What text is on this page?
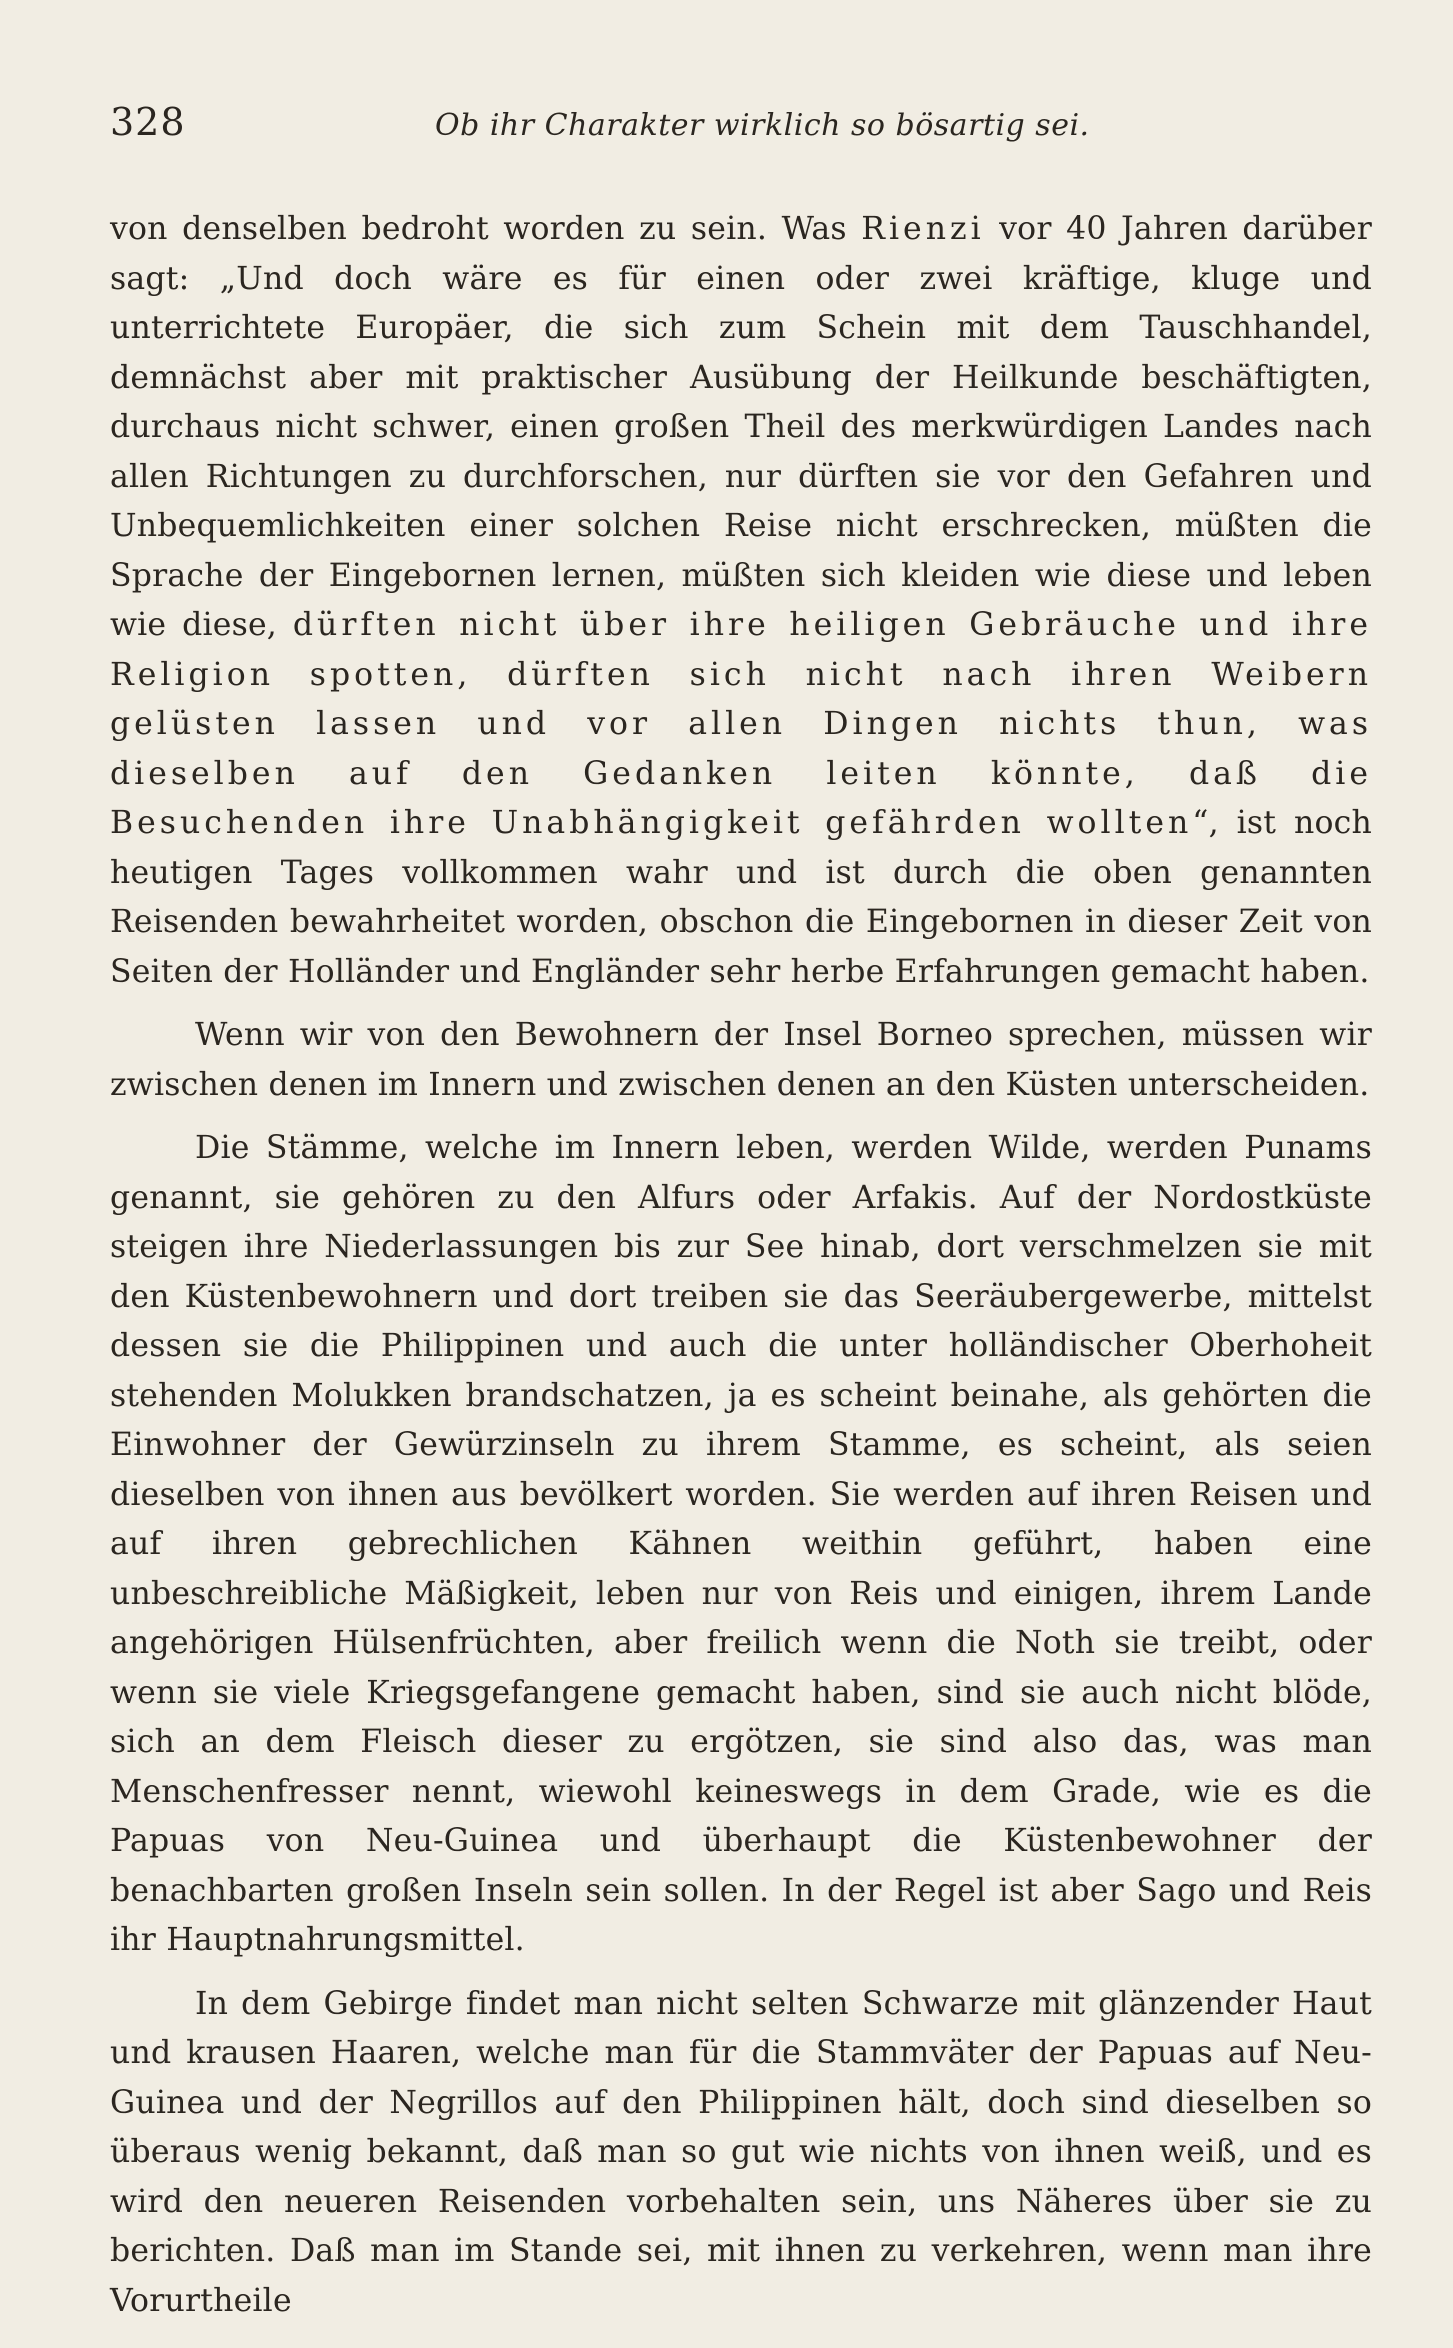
328	Ob ihr Charakter wirklich so bösartig sei.

von denselben bedroht worden zu sein. Was Rienzi vor 40 Jahren darüber sagt: „Und doch wäre es für einen oder zwei kräftige, kluge und unterrichtete Europäer, die sich zum Schein mit dem Tauschhandel, demnächst aber mit praktischer Ausübung der Heilkunde beschäftigten, durchaus nicht schwer, einen großen Theil des merkwürdigen Landes nach allen Richtungen zu durchforschen, nur dürften sie vor den Gefahren und Unbequemlichkeiten einer solchen Reise nicht erschrecken, müßten die Sprache der Eingebornen lernen, müßten sich kleiden wie diese und leben wie diese, dürften nicht über ihre heiligen Gebräuche und ihre Religion spotten, dürften sich nicht nach ihren Weibern gelüsten lassen und vor allen Dingen nichts thun, was dieselben auf den Gedanken leiten könnte, daß die Besuchenden ihre Unabhängigkeit gefährden wollten“, ist noch heutigen Tages vollkommen wahr und ist durch die oben genannten Reisenden bewahrheitet worden, obschon die Eingebornen in dieser Zeit von Seiten der Holländer und Engländer sehr herbe Erfahrungen gemacht haben.

Wenn wir von den Bewohnern der Insel Borneo sprechen, müssen wir zwischen denen im Innern und zwischen denen an den Küsten unterscheiden.

Die Stämme, welche im Innern leben, werden Wilde, werden Punams genannt, sie gehören zu den Alfurs oder Arfakis. Auf der Nordostküste steigen ihre Niederlassungen bis zur See hinab, dort verschmelzen sie mit den Küstenbewohnern und dort treiben sie das Seeräubergewerbe, mittelst dessen sie die Philippinen und auch die unter holländischer Oberhoheit stehenden Molukken brandschatzen, ja es scheint beinahe, als gehörten die Einwohner der Gewürzinseln zu ihrem Stamme, es scheint, als seien dieselben von ihnen aus bevölkert worden. Sie werden auf ihren Reisen und auf ihren gebrechlichen Kähnen weithin geführt, haben eine unbeschreibliche Mäßigkeit, leben nur von Reis und einigen, ihrem Lande angehörigen Hülsenfrüchten, aber freilich wenn die Noth sie treibt, oder wenn sie viele Kriegsgefangene gemacht haben, sind sie auch nicht blöde, sich an dem Fleisch dieser zu ergötzen, sie sind also das, was man Menschenfresser nennt, wiewohl keineswegs in dem Grade, wie es die Papuas von Neu-Guinea und überhaupt die Küstenbewohner der benachbarten großen Inseln sein sollen. In der Regel ist aber Sago und Reis ihr Hauptnahrungsmittel.

In dem Gebirge findet man nicht selten Schwarze mit glänzender Haut und krausen Haaren, welche man für die Stammväter der Papuas auf Neu-Guinea und der Negrillos auf den Philippinen hält, doch sind dieselben so überaus wenig bekannt, daß man so gut wie nichts von ihnen weiß, und es wird den neueren Reisenden vorbehalten sein, uns Näheres über sie zu berichten. Daß man im Stande sei, mit ihnen zu verkehren, wenn man ihre Vorurtheile
